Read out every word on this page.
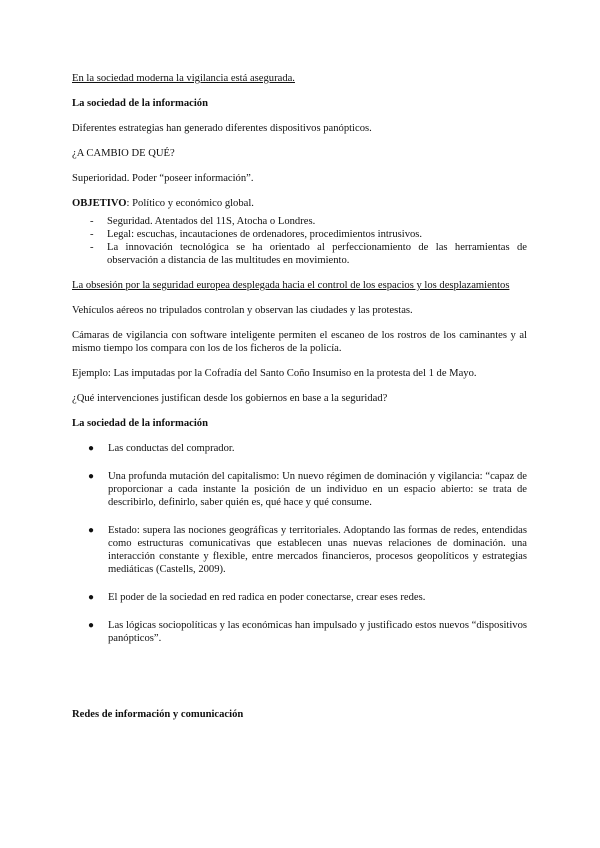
En la sociedad moderna la vigilancia está asegurada.

La sociedad de la información

Diferentes estrategias han generado diferentes dispositivos panópticos.

¿A CAMBIO DE QUÉ?

Superioridad. Poder “poseer información”.

OBJETIVO: Político y económico global.

- Seguridad. Atentados del 11S, Atocha o Londres.
- Legal: escuchas, incautaciones de ordenadores, procedimientos intrusivos.
- La innovación tecnológica se ha orientado al perfeccionamiento de las herramientas de observación a distancia de las multitudes en movimiento.

La obsesión por la seguridad europea desplegada hacia el control de los espacios y los desplazamientos

Vehículos aéreos no tripulados controlan y observan las ciudades y las protestas.

Cámaras de vigilancia con software inteligente permiten el escaneo de los rostros de los caminantes y al mismo tiempo los compara con los de los ficheros de la policía.

Ejemplo: Las imputadas por la Cofradía del Santo Coño Insumiso en la protesta del 1 de Mayo.

¿Qué intervenciones justifican desde los gobiernos en base a la seguridad?

La sociedad de la información

● Las conductas del comprador.
● Una profunda mutación del capitalismo: Un nuevo régimen de dominación y vigilancia: “capaz de proporcionar a cada instante la posición de un individuo en un espacio abierto: se trata de describirlo, definirlo, saber quién es, qué hace y qué consume.
● Estado: supera las nociones geográficas y territoriales. Adoptando las formas de redes, entendidas como estructuras comunicativas que establecen unas nuevas relaciones de dominación. una interacción constante y flexible, entre mercados financieros, procesos geopolíticos y estrategias mediáticas (Castells, 2009).
● El poder de la sociedad en red radica en poder conectarse, crear eses redes.
● Las lógicas sociopolíticas y las económicas han impulsado y justificado estos nuevos “dispositivos panópticos”.

Redes de información y comunicación
